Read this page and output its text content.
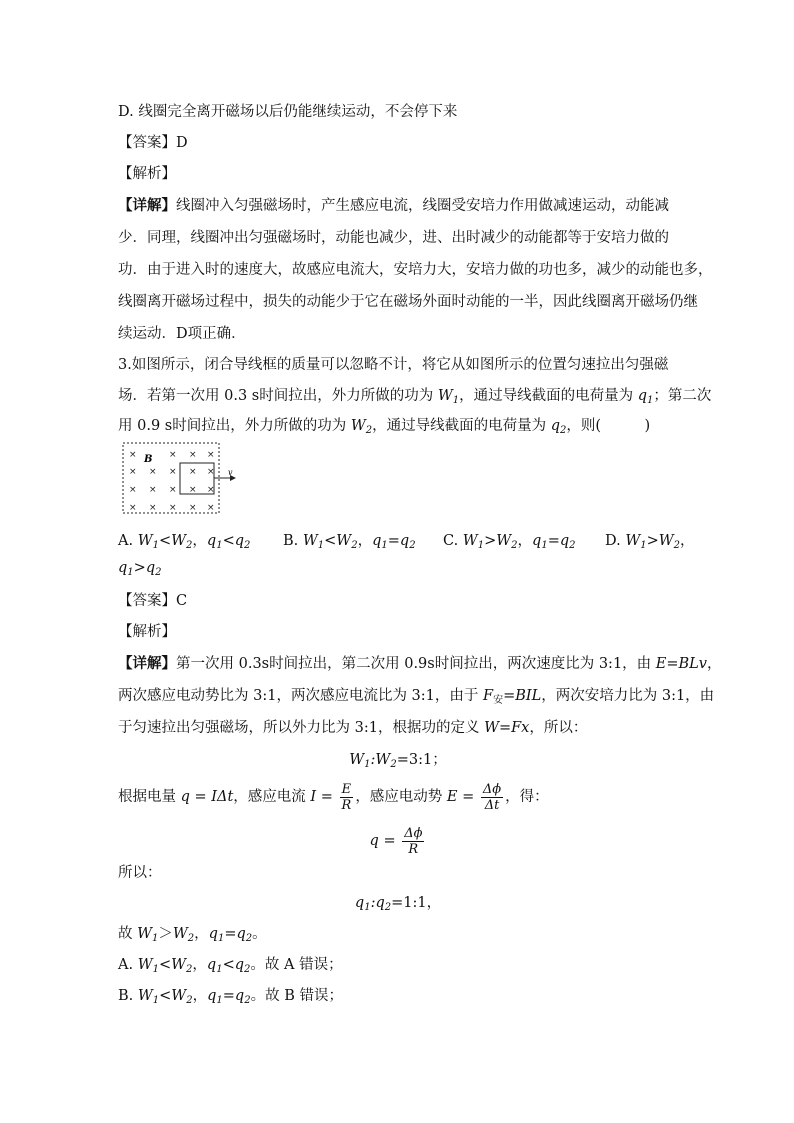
D. 线圈完全离开磁场以后仍能继续运动，不会停下来
【答案】D
【解析】
【详解】线圈冲入匀强磁场时，产生感应电流，线圈受安培力作用做减速运动，动能减
少．同理，线圈冲出匀强磁场时，动能也减少，进、出时减少的动能都等于安培力做的
功．由于进入时的速度大，故感应电流大，安培力大，安培力做的功也多，减少的动能也多，
线圈离开磁场过程中，损失的动能少于它在磁场外面时动能的一半，因此线圈离开磁场仍继
续运动．D项正确．
3.如图所示，闭合导线框的质量可以忽略不计，将它从如图所示的位置匀速拉出匀强磁
场．若第一次用 0.3 s时间拉出，外力所做的功为 $W_1$，通过导线截面的电荷量为 $q_1$；第二次
用 0.9 s时间拉出，外力所做的功为 $W_2$，通过导线截面的电荷量为 $q_2$，则(　　　)
B
v
×	× × ×
× × × × ×
× × × × ×
× × × × ×
A. $W_1<W_2$，$q_1<q_2$ B. $W_1<W_2$，$q_1=q_2$ C. $W_1>W_2$，$q_1=q_2$ D. $W_1>W_2$，
$q_1>q_2$
【答案】C
【解析】
【详解】第一次用 0.3s时间拉出，第二次用 0.9s时间拉出，两次速度比为 3:1，由 E=BLv，
两次感应电动势比为 3:1，两次感应电流比为 3:1，由于 $F_安=BIL$，两次安培力比为 3:1，由
于匀速拉出匀强磁场，所以外力比为 3:1，根据功的定义 W=Fx，所以：
$W_1:W_2=3:1$；
根据电量 q = IΔt，感应电流 $I = \frac{E}{R}$ ，感应电动势 $E = \frac{\Delta\phi}{\Delta t}$ ，得：
$q = \frac{\Delta\phi}{R}$
所以：
$q_1:q_2=1:1$，
故 $W_1>W_2$，$q_1=q_2$。
A. $W_1<W_2$，$q_1<q_2$。故 A 错误；
B. $W_1<W_2$，$q_1=q_2$。故 B 错误；
